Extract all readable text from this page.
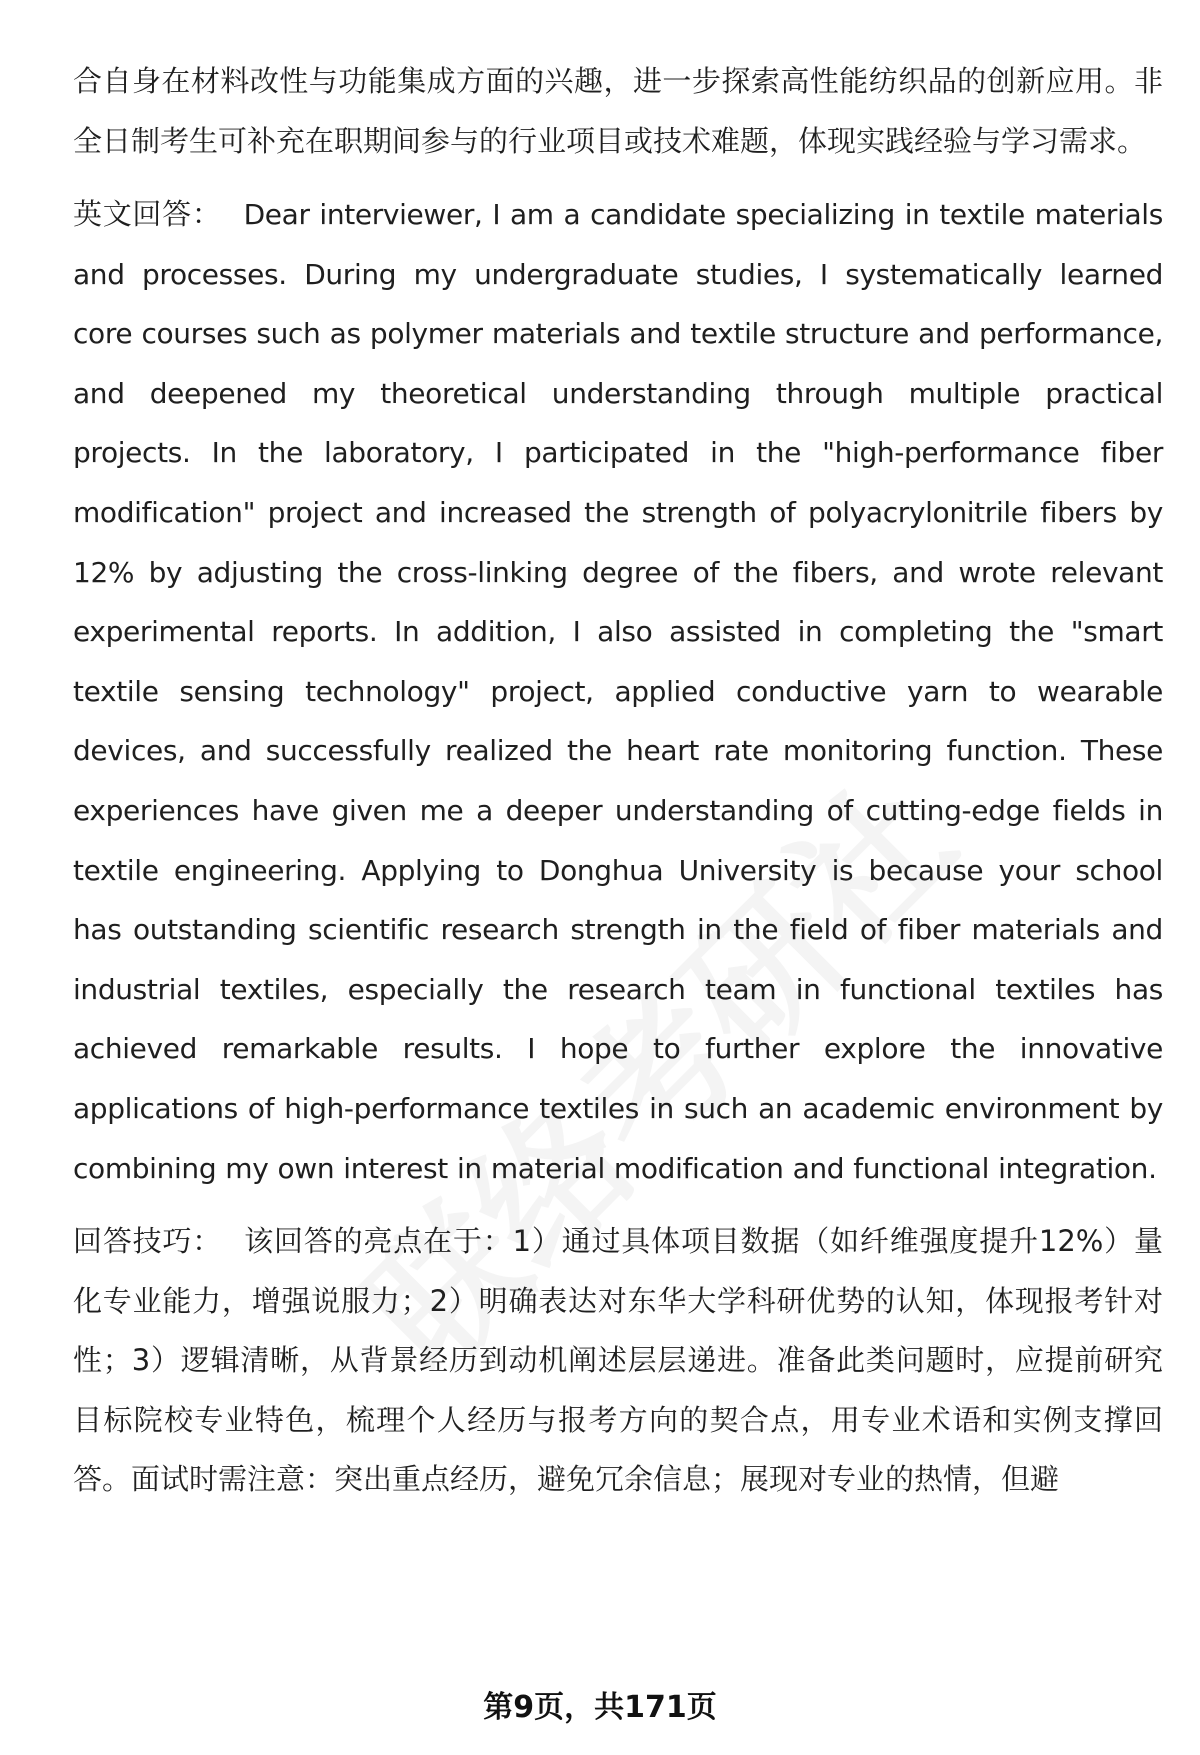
合自身在材料改性与功能集成方面的兴趣，进一步探索高性能纺织品的创新应用。非全日制考生可补充在职期间参与的行业项目或技术难题，体现实践经验与学习需求。

英文回答： Dear interviewer, I am a candidate specializing in textile materials and processes. During my undergraduate studies, I systematically learned core courses such as polymer materials and textile structure and performance, and deepened my theoretical understanding through multiple practical projects. In the laboratory, I participated in the "high-performance fiber modification" project and increased the strength of polyacrylonitrile fibers by 12% by adjusting the cross-linking degree of the fibers, and wrote relevant experimental reports. In addition, I also assisted in completing the "smart textile sensing technology" project, applied conductive yarn to wearable devices, and successfully realized the heart rate monitoring function. These experiences have given me a deeper understanding of cutting-edge fields in textile engineering. Applying to Donghua University is because your school has outstanding scientific research strength in the field of fiber materials and industrial textiles, especially the research team in functional textiles has achieved remarkable results. I hope to further explore the innovative applications of high-performance textiles in such an academic environment by combining my own interest in material modification and functional integration.

回答技巧： 该回答的亮点在于：1）通过具体项目数据（如纤维强度提升12%）量化专业能力，增强说服力；2）明确表达对东华大学科研优势的认知，体现报考针对性；3）逻辑清晰，从背景经历到动机阐述层层递进。准备此类问题时，应提前研究目标院校专业特色，梳理个人经历与报考方向的契合点，用专业术语和实例支撑回答。面试时需注意：突出重点经历，避免冗余信息；展现对专业的热情，但避

第9页，共171页
